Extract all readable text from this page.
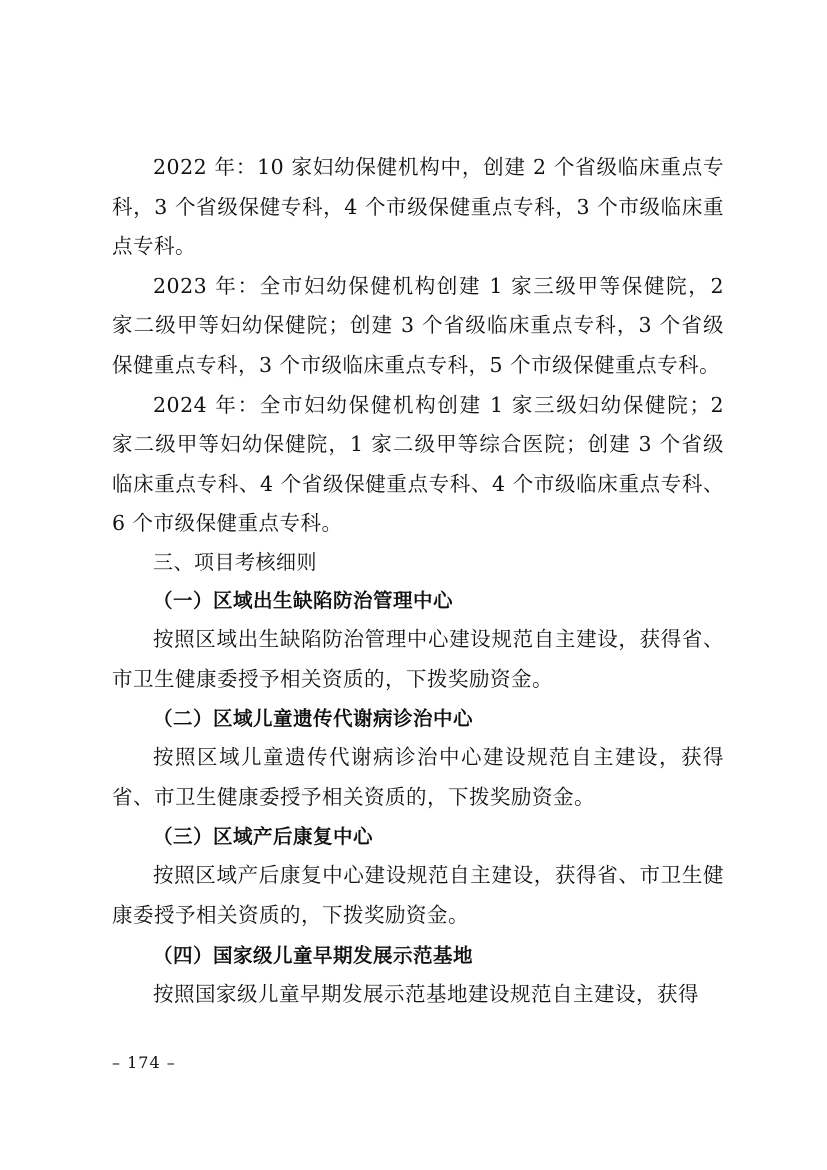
2022 年：10 家妇幼保健机构中，创建 2 个省级临床重点专科，3 个省级保健专科，4 个市级保健重点专科，3 个市级临床重点专科。

2023 年：全市妇幼保健机构创建 1 家三级甲等保健院，2 家二级甲等妇幼保健院；创建 3 个省级临床重点专科，3 个省级保健重点专科，3 个市级临床重点专科，5 个市级保健重点专科。

2024 年：全市妇幼保健机构创建 1 家三级妇幼保健院；2 家二级甲等妇幼保健院，1 家二级甲等综合医院；创建 3 个省级临床重点专科、4 个省级保健重点专科、4 个市级临床重点专科、6 个市级保健重点专科。

三、项目考核细则

（一）区域出生缺陷防治管理中心

按照区域出生缺陷防治管理中心建设规范自主建设，获得省、市卫生健康委授予相关资质的，下拨奖励资金。

（二）区域儿童遗传代谢病诊治中心

按照区域儿童遗传代谢病诊治中心建设规范自主建设，获得省、市卫生健康委授予相关资质的，下拨奖励资金。

（三）区域产后康复中心

按照区域产后康复中心建设规范自主建设，获得省、市卫生健康委授予相关资质的，下拨奖励资金。

（四）国家级儿童早期发展示范基地

按照国家级儿童早期发展示范基地建设规范自主建设，获得

– 174 –
